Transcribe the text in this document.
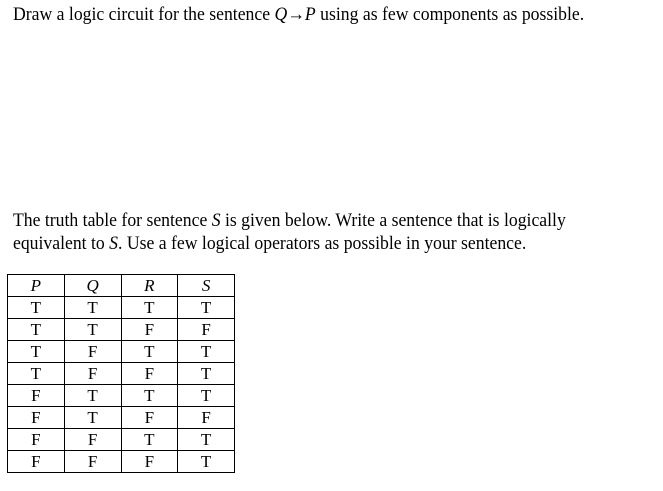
Draw a logic circuit for the sentence Q→P using as few components as possible.
The truth table for sentence S is given below. Write a sentence that is logically
equivalent to S. Use a few logical operators as possible in your sentence.
P	Q	R	S
T	T	T	T
T	T	F	F
T	F	T	T
T	F	F	T
F	T	T	T
F	T	F	F
F	F	T	T
F	F	F	T
